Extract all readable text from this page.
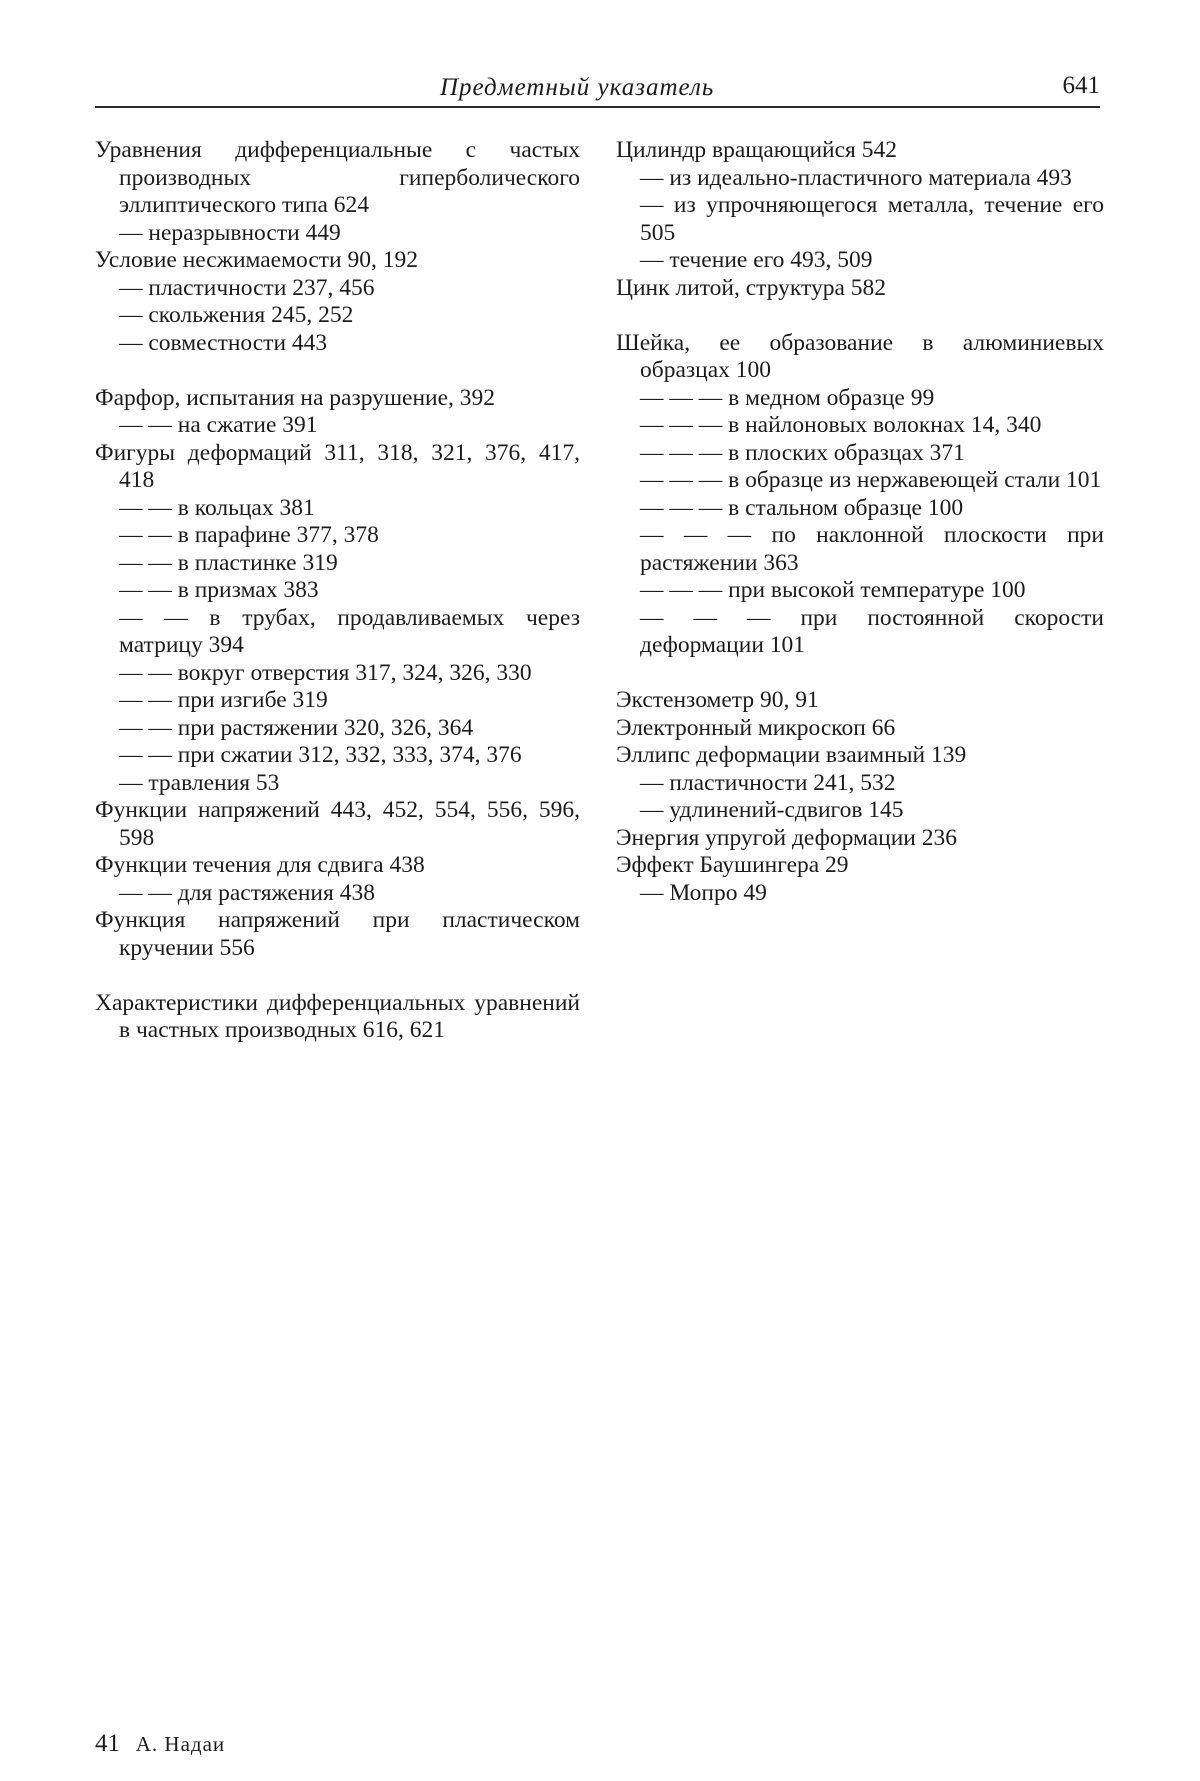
Предметный указатель	641
Уравнения дифференциальные с частых производных гиперболического эллиптического типа 624
— неразрывности 449
Условие несжимаемости 90, 192
— пластичности 237, 456
— скольжения 245, 252
— совместности 443
Фарфор, испытания на разрушение, 392
— — на сжатие 391
Фигуры деформаций 311, 318, 321, 376, 417, 418
— — в кольцах 381
— — в парафине 377, 378
— — в пластинке 319
— — в призмах 383
— — в трубах, продавливаемых через матрицу 394
— — вокруг отверстия 317, 324, 326, 330
— — при изгибе 319
— — при растяжении 320, 326, 364
— — при сжатии 312, 332, 333, 374, 376
— травления 53
Функции напряжений 443, 452, 554, 556, 596, 598
Функции течения для сдвига 438
— — для растяжения 438
Функция напряжений при пластическом кручении 556
Характеристики дифференциальных уравнений в частных производных 616, 621
Цилиндр вращающийся 542
— из идеально-пластичного материала 493
— из упрочняющегося металла, течение его 505
— течение его 493, 509
Цинк литой, структура 582
Шейка, ее образование в алюминиевых образцах 100
— — — в медном образце 99
— — — в найлоновых волокнах 14, 340
— — — в плоских образцах 371
— — — в образце из нержавеющей стали 101
— — — в стальном образце 100
— — — по наклонной плоскости при растяжении 363
— — — при высокой температуре 100
— — — при постоянной скорости деформации 101
Экстензометр 90, 91
Электронный микроскоп 66
Эллипс деформации взаимный 139
— пластичности 241, 532
— удлинений-сдвигов 145
Энергия упругой деформации 236
Эффект Баушингера 29
— Мопро 49
41 А. Надаи
